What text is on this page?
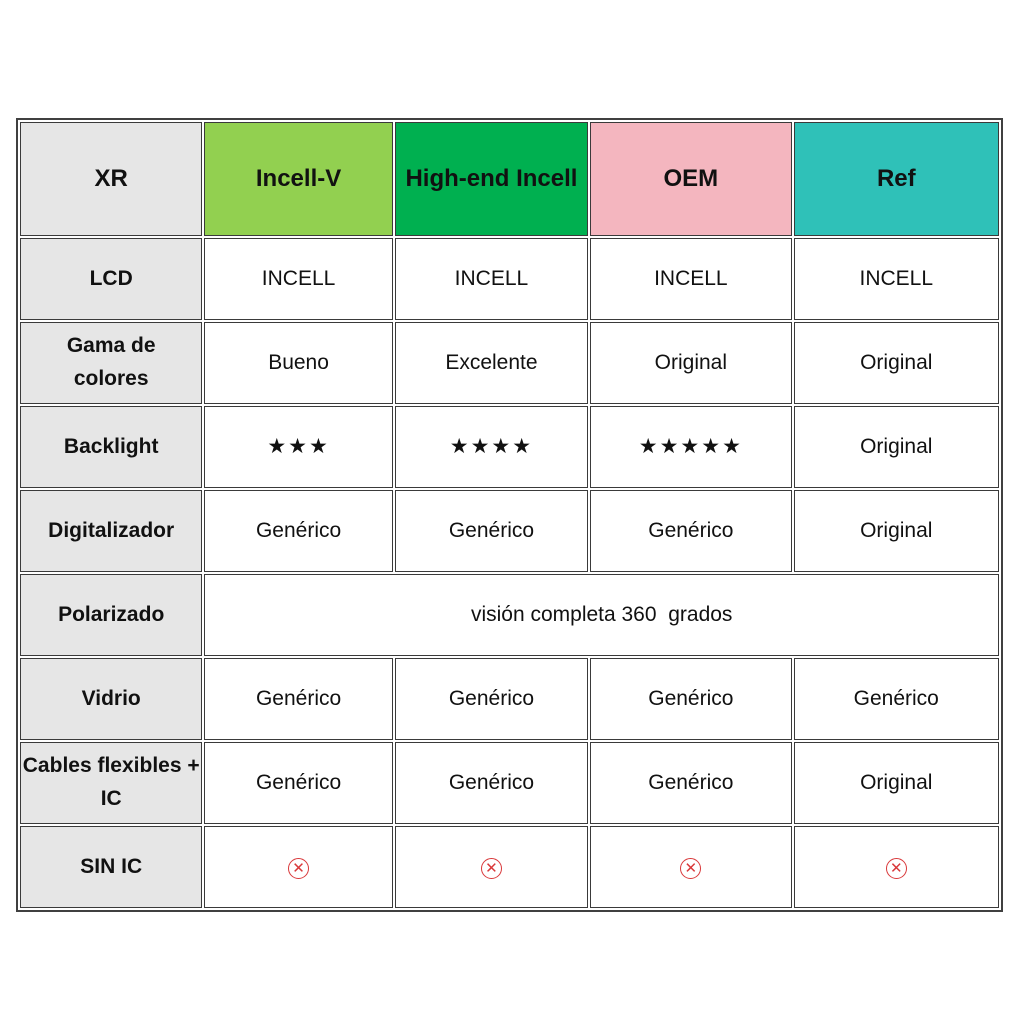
XR	Incell-V	High-end Incell	OEM	Ref
LCD	INCELL	INCELL	INCELL	INCELL
Gama de colores	Bueno	Excelente	Original	Original
Backlight	★★★	★★★★	★★★★★	Original
Digitalizador	Genérico	Genérico	Genérico	Original
Polarizado	visión completa 360  grados			
Vidrio	Genérico	Genérico	Genérico	Genérico
Cables flexibles + IC	Genérico	Genérico	Genérico	Original
SIN IC	✕	✕	✕	✕
